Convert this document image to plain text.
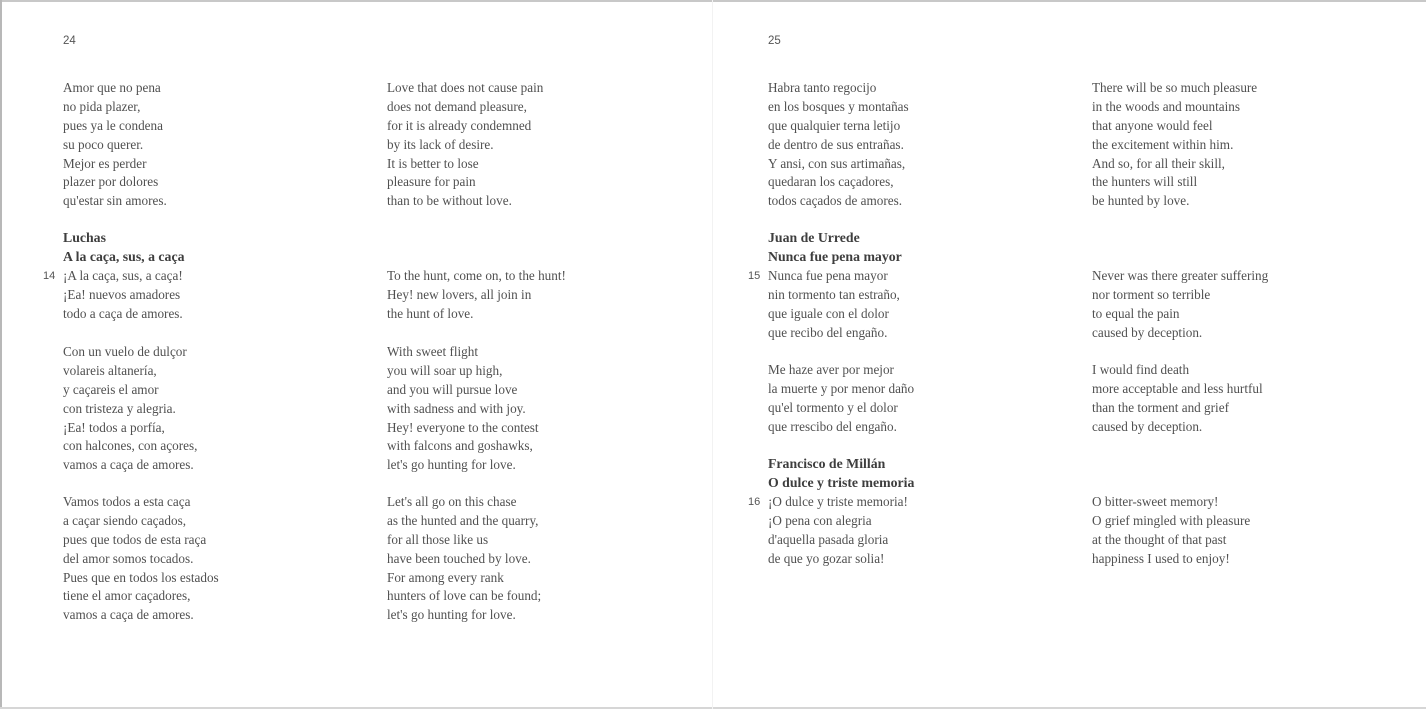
24
Amor que no pena
no pida plazer,
pues ya le condena
su poco querer.
Mejor es perder
plazer por dolores
qu'estar sin amores.
Luchas
A la caça, sus, a caça
14 ¡A la caça, sus, a caça!
¡Ea! nuevos amadores
todo a caça de amores.
Con un vuelo de dulçor
volareis altanería,
y caçareis el amor
con tristeza y alegria.
¡Ea! todos a porfía,
con halcones, con açores,
vamos a caça de amores.
Vamos todos a esta caça
a caçar siendo caçados,
pues que todos de esta raça
del amor somos tocados.
Pues que en todos los estados
tiene el amor caçadores,
vamos a caça de amores.
Love that does not cause pain
does not demand pleasure,
for it is already condemned
by its lack of desire.
It is better to lose
pleasure for pain
than to be without love.
To the hunt, come on, to the hunt!
Hey! new lovers, all join in
the hunt of love.
With sweet flight
you will soar up high,
and you will pursue love
with sadness and with joy.
Hey! everyone to the contest
with falcons and goshawks,
let's go hunting for love.
Let's all go on this chase
as the hunted and the quarry,
for all those like us
have been touched by love.
For among every rank
hunters of love can be found;
let's go hunting for love.
25
Habra tanto regocijo
en los bosques y montañas
que qualquier terna letijo
de dentro de sus entrañas.
Y ansi, con sus artimañas,
quedaran los caçadores,
todos caçados de amores.
Juan de Urrede
Nunca fue pena mayor
15 Nunca fue pena mayor
nin tormento tan estraño,
que iguale con el dolor
que recibo del engaño.
Me haze aver por mejor
la muerte y por menor daño
qu'el tormento y el dolor
que rrescibo del engaño.
Francisco de Millán
O dulce y triste memoria
16 ¡O dulce y triste memoria!
¡O pena con alegria
d'aquella pasada gloria
de que yo gozar solia!
There will be so much pleasure
in the woods and mountains
that anyone would feel
the excitement within him.
And so, for all their skill,
the hunters will still
be hunted by love.
Never was there greater suffering
nor torment so terrible
to equal the pain
caused by deception.
I would find death
more acceptable and less hurtful
than the torment and grief
caused by deception.
O bitter-sweet memory!
O grief mingled with pleasure
at the thought of that past
happiness I used to enjoy!
